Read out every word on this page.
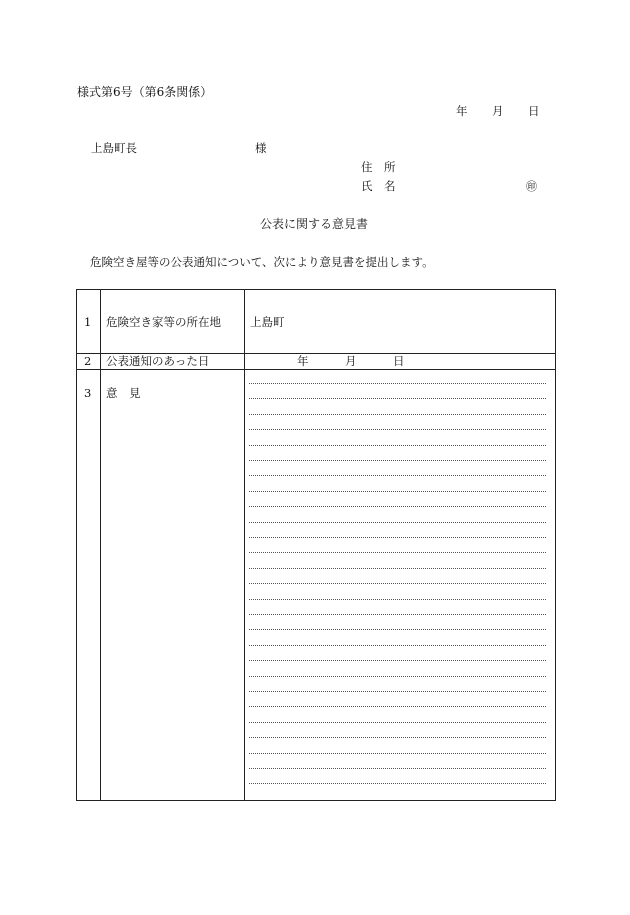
様式第6号（第6条関係）
年 月 日
上島町長	様
住　所
氏　名	㊞
公表に関する意見書
危険空き屋等の公表通知について、次により意見書を提出します。
1 危険空き家等の所在地	上島町
2 公表通知のあった日	年	月	日
3 意　見
